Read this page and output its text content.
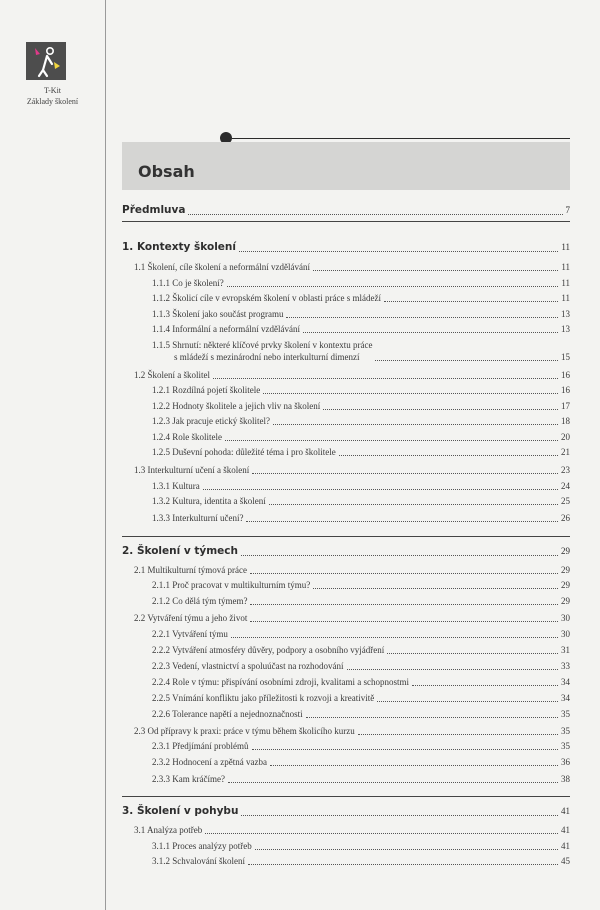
T-Kit
Základy školení
Obsah
Předmluva	7
1. Kontexty školení	11
1.1 Školení, cíle školení a neformální vzdělávání	11
1.1.1 Co je školení?	11
1.1.2 Školicí cíle v evropském školení v oblasti práce s mládeží	11
1.1.3 Školení jako součást programu	13
1.1.4 Informální a neformální vzdělávání	13
1.1.5 Shrnutí: některé klíčové prvky školení v kontextu práce
s mládeží s mezinárodní nebo interkulturní dimenzí	15
1.2 Školení a školitel	16
1.2.1 Rozdílná pojetí školitele	16
1.2.2 Hodnoty školitele a jejich vliv na školení	17
1.2.3 Jak pracuje etický školitel?	18
1.2.4 Role školitele	20
1.2.5 Duševní pohoda: důležité téma i pro školitele	21
1.3 Interkulturní učení a školení	23
1.3.1 Kultura	24
1.3.2 Kultura, identita a školení	25
1.3.3 Interkulturní učení?	26
2. Školení v týmech	29
2.1 Multikulturní týmová práce	29
2.1.1 Proč pracovat v multikulturním týmu?	29
2.1.2 Co dělá tým týmem?	29
2.2 Vytváření týmu a jeho život	30
2.2.1 Vytváření týmu	30
2.2.2 Vytváření atmosféry důvěry, podpory a osobního vyjádření	31
2.2.3 Vedení, vlastnictví a spoluúčast na rozhodování	33
2.2.4 Role v týmu: přispívání osobními zdroji, kvalitami a schopnostmi	34
2.2.5 Vnímání konfliktu jako příležitosti k rozvoji a kreativitě	34
2.2.6 Tolerance napětí a nejednoznačnosti	35
2.3 Od přípravy k praxi: práce v týmu během školicího kurzu	35
2.3.1 Předjímání problémů	35
2.3.2 Hodnocení a zpětná vazba	36
2.3.3 Kam kráčíme?	38
3. Školení v pohybu	41
3.1 Analýza potřeb	41
3.1.1 Proces analýzy potřeb	41
3.1.2 Schvalování školení	45
